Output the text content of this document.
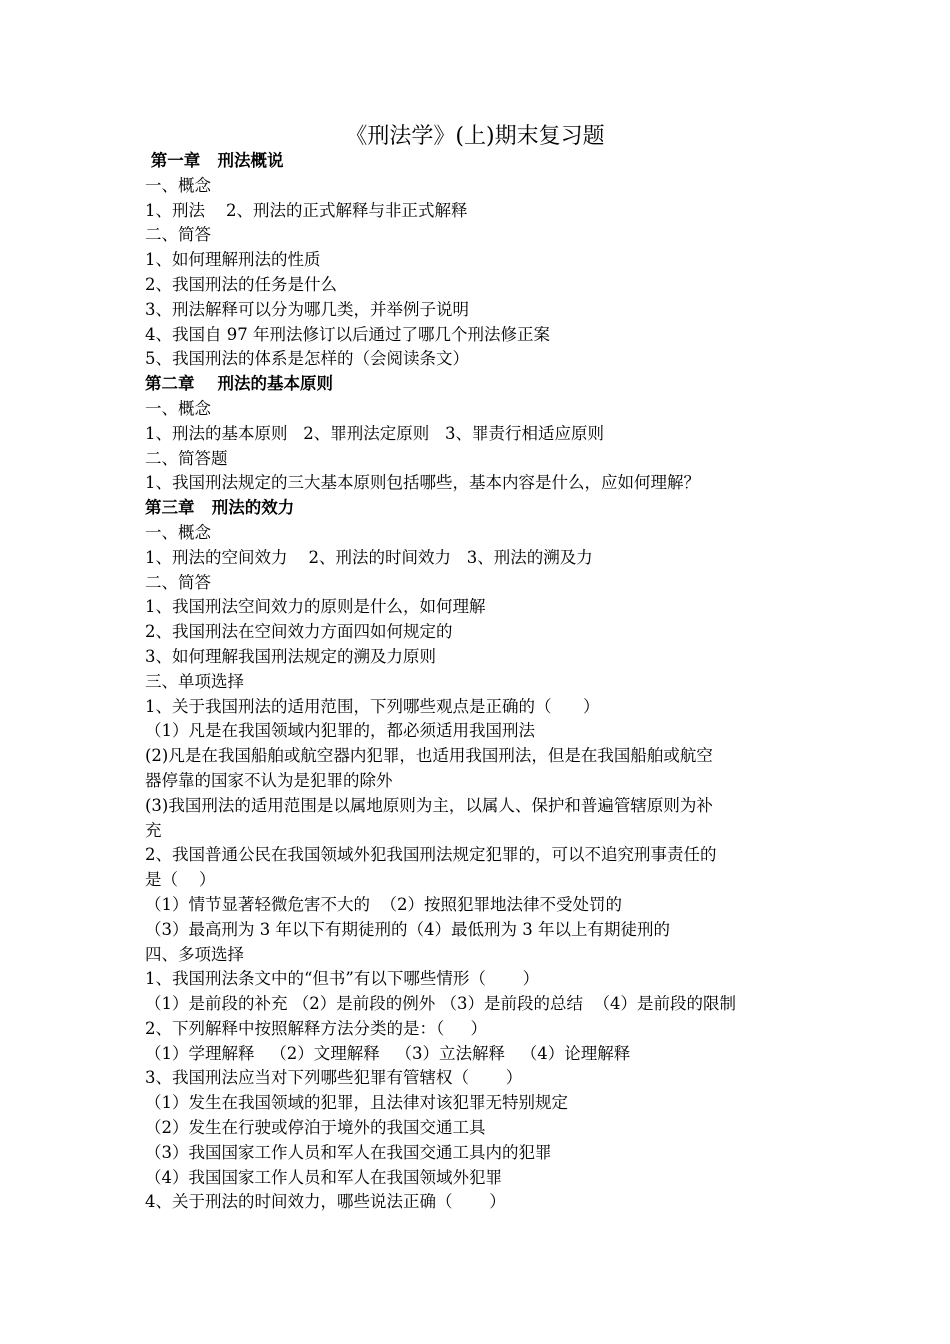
《刑法学》(上)期末复习题
第一章   刑法概说
一、概念
1、刑法    2、刑法的正式解释与非正式解释
二、简答
1、如何理解刑法的性质
2、我国刑法的任务是什么
3、刑法解释可以分为哪几类，并举例子说明
4、我国自 97 年刑法修订以后通过了哪几个刑法修正案
5、我国刑法的体系是怎样的（会阅读条文）
第二章    刑法的基本原则
一、概念
1、刑法的基本原则   2、罪刑法定原则   3、罪责行相适应原则
二、简答题
1、我国刑法规定的三大基本原则包括哪些，基本内容是什么，应如何理解？
第三章   刑法的效力
一、概念
1、刑法的空间效力    2、刑法的时间效力   3、刑法的溯及力
二、简答
1、我国刑法空间效力的原则是什么，如何理解
2、我国刑法在空间效力方面四如何规定的
3、如何理解我国刑法规定的溯及力原则
三、单项选择
1、关于我国刑法的适用范围，下列哪些观点是正确的（      ）
（1）凡是在我国领域内犯罪的，都必须适用我国刑法
(2)凡是在我国船舶或航空器内犯罪，也适用我国刑法，但是在我国船舶或航空
器停靠的国家不认为是犯罪的除外
(3)我国刑法的适用范围是以属地原则为主，以属人、保护和普遍管辖原则为补
充
2、我国普通公民在我国领域外犯我国刑法规定犯罪的，可以不追究刑事责任的
是（    ）
（1）情节显著轻微危害不大的  （2）按照犯罪地法律不受处罚的
（3）最高刑为 3 年以下有期徒刑的（4）最低刑为 3 年以上有期徒刑的
四、多项选择
1、我国刑法条文中的“但书”有以下哪些情形（       ）
（1）是前段的补充 （2）是前段的例外 （3）是前段的总结  （4）是前段的限制
2、下列解释中按照解释方法分类的是：（     ）
（1）学理解释   （2）文理解释   （3）立法解释   （4）论理解释
3、我国刑法应当对下列哪些犯罪有管辖权（       ）
（1）发生在我国领域的犯罪，且法律对该犯罪无特别规定
（2）发生在行驶或停泊于境外的我国交通工具
（3）我国国家工作人员和军人在我国交通工具内的犯罪
（4）我国国家工作人员和军人在我国领域外犯罪
4、关于刑法的时间效力，哪些说法正确（       ）
